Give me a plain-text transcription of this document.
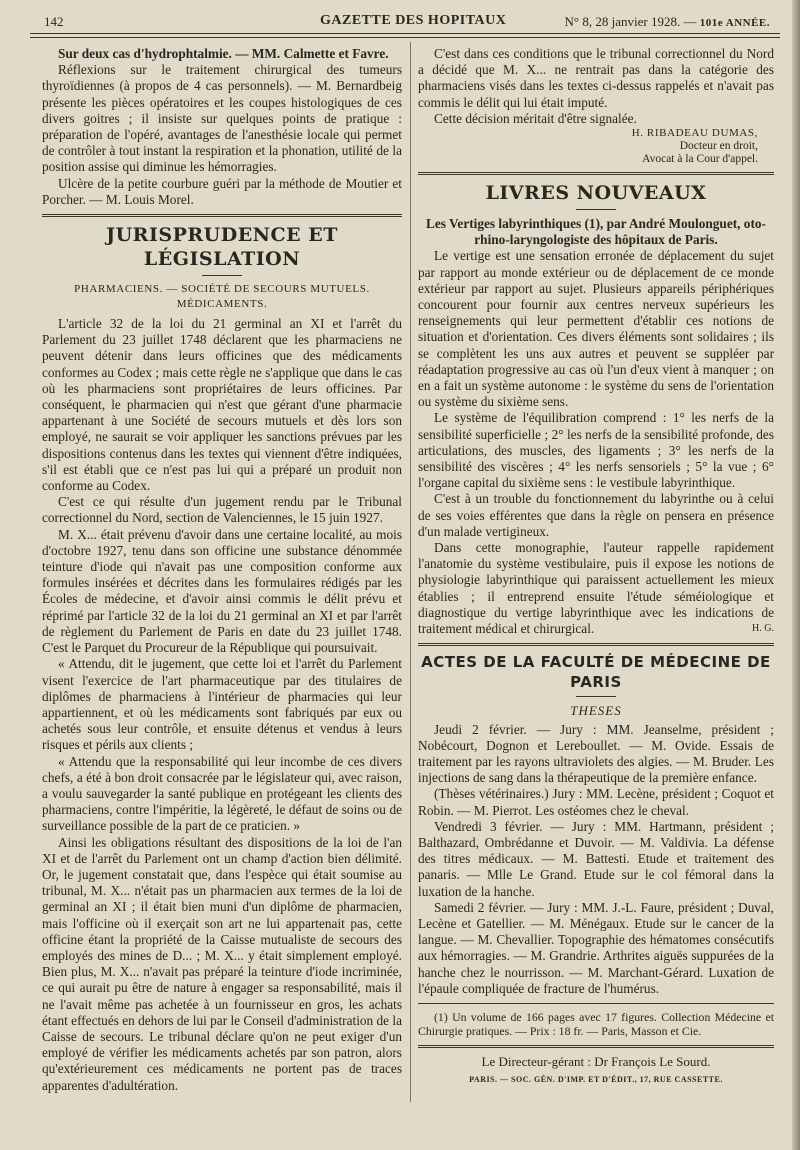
142	GAZETTE DES HOPITAUX	N° 8, 28 janvier 1928. — 101e ANNÉE.

Sur deux cas d'hydrophtalmie. — MM. Calmette et Favre.

Réflexions sur le traitement chirurgical des tumeurs thyroïdiennes (à propos de 4 cas personnels). — M. Bernardbeig présente les pièces opératoires et les coupes histologiques de ces divers goitres ; il insiste sur quelques points de pratique : préparation de l'opéré, avantages de l'anesthésie locale qui permet de contrôler à tout instant la respiration et la phonation, utilité de la position assise qui diminue les hémorragies.

Ulcère de la petite courbure guéri par la méthode de Moutier et Porcher. — M. Louis Morel.

JURISPRUDENCE ET LÉGISLATION
PHARMACIENS. — SOCIÉTÉ DE SECOURS MUTUELS. MÉDICAMENTS.

L'article 32 de la loi du 21 germinal an XI et l'arrêt du Parlement du 23 juillet 1748 déclarent que les pharmaciens ne peuvent détenir dans leurs officines que des médicaments conformes au Codex ; mais cette règle ne s'applique que dans le cas où les pharmaciens sont propriétaires de leurs officines. Par conséquent, le pharmacien qui n'est que gérant d'une pharmacie appartenant à une Société de secours mutuels et dès lors son employé, ne saurait se voir appliquer les sanctions prévues par les dispositions contenus dans les textes qui viennent d'être indiquées, s'il est établi que ce n'est pas lui qui a préparé un produit non conforme au Codex.

C'est ce qui résulte d'un jugement rendu par le Tribunal correctionnel du Nord, section de Valenciennes, le 15 juin 1927.

M. X... était prévenu d'avoir dans une certaine localité, au mois d'octobre 1927, tenu dans son officine une substance dénommée teinture d'iode qui n'avait pas une composition conforme aux formules insérées et décrites dans les formulaires rédigés par les Écoles de médecine, et d'avoir ainsi commis le délit prévu et réprimé par l'article 32 de la loi du 21 germinal an XI et par l'arrêt de règlement du Parlement de Paris en date du 23 juillet 1748. C'est le Parquet du Procureur de la République qui poursuivait.

« Attendu, dit le jugement, que cette loi et l'arrêt du Parlement visent l'exercice de l'art pharmaceutique par des titulaires de diplômes de pharmaciens à l'intérieur de pharmacies qui leur appartiennent, et où les médicaments sont fabriqués par eux ou achetés sous leur contrôle, et ensuite détenus et vendus à leurs risques et périls aux clients ;

« Attendu que la responsabilité qui leur incombe de ces divers chefs, a été à bon droit consacrée par le législateur qui, avec raison, a voulu sauvegarder la santé publique en protégeant les clients des pharmaciens, contre l'impéritie, la légèreté, le défaut de soins ou de surveillance possible de la part de ce praticien. »

Ainsi les obligations résultant des dispositions de la loi de l'an XI et de l'arrêt du Parlement ont un champ d'action bien délimité. Or, le jugement constatait que, dans l'espèce qui était soumise au tribunal, M. X... n'était pas un pharmacien aux termes de la loi de germinal an XI ; il était bien muni d'un diplôme de pharmacien, mais l'officine où il exerçait son art ne lui appartenait pas, cette officine étant la propriété de la Caisse mutualiste de secours des employés des mines de D... ; M. X... y était simplement employé. Bien plus, M. X... n'avait pas préparé la teinture d'iode incriminée, ce qui aurait pu être de nature à engager sa responsabilité, mais il ne l'avait même pas achetée à un fournisseur en gros, les achats étant effectués en dehors de lui par le Conseil d'administration de la Caisse de secours. Le tribunal déclare qu'on ne peut exiger d'un employé de vérifier les médicaments achetés par son patron, alors qu'extérieurement ces médicaments ne portent pas de traces apparentes d'adultération.

C'est dans ces conditions que le tribunal correctionnel du Nord a décidé que M. X... ne rentrait pas dans la catégorie des pharmaciens visés dans les textes ci-dessus rappelés et n'avait pas commis le délit qui lui était imputé.

Cette décision méritait d'être signalée.

H. RIBADEAU DUMAS,
Docteur en droit,
Avocat à la Cour d'appel.
LIVRES NOUVEAUX

Les Vertiges labyrinthiques (1), par André Moulonguet, oto-rhino-laryngologiste des hôpitaux de Paris.

Le vertige est une sensation erronée de déplacement du sujet par rapport au monde extérieur ou de déplacement de ce monde extérieur par rapport au sujet. Plusieurs appareils périphériques concourent pour fournir aux centres nerveux supérieurs les renseignements qui leur permettent d'établir ces notions de situation et d'orientation. Ces divers éléments sont solidaires ; ils se complètent les uns aux autres et peuvent se suppléer par réadaptation progressive au cas où l'un d'eux vient à manquer ; on en a fait un système autonome : le système du sens de l'orientation ou système du sixième sens.

Le système de l'équilibration comprend : 1° les nerfs de la sensibilité superficielle ; 2° les nerfs de la sensibilité profonde, des articulations, des muscles, des ligaments ; 3° les nerfs de la sensibilité des viscères ; 4° les nerfs sensoriels ; 5° la vue ; 6° l'organe capital du sixième sens : le vestibule labyrinthique.

C'est à un trouble du fonctionnement du labyrinthe ou à celui de ses voies efférentes que dans la règle on pensera en présence d'un malade vertigineux.

Dans cette monographie, l'auteur rappelle rapidement l'anatomie du système vestibulaire, puis il expose les notions de physiologie labyrinthique qui paraissent actuellement les mieux établies ; il entreprend ensuite l'étude séméiologique et diagnostique du vertige labyrinthique avec les indications de traitement médical et chirurgical.	H. G.

ACTES DE LA FACULTÉ DE MÉDECINE DE PARIS
THESES

Jeudi 2 février. — Jury : MM. Jeanselme, président ; Nobécourt, Dognon et Lereboullet. — M. Ovide. Essais de traitement par les rayons ultraviolets des algies. — M. Bruder. Les injections de sang dans la thérapeutique de la première enfance.

(Thèses vétérinaires.) Jury : MM. Lecène, président ; Coquot et Robin. — M. Pierrot. Les ostéomes chez le cheval.

Vendredi 3 février. — Jury : MM. Hartmann, président ; Balthazard, Ombrédanne et Duvoir. — M. Valdivia. La défense des titres médicaux. — M. Battesti. Etude et traitement des panaris. — Mlle Le Grand. Etude sur le col fémoral dans la luxation de la hanche.

Samedi 2 février. — Jury : MM. J.-L. Faure, président ; Duval, Lecène et Gatellier. — M. Ménégaux. Etude sur le cancer de la langue. — M. Chevallier. Topographie des hématomes consécutifs aux hémorragies. — M. Grandrie. Arthrites aiguës suppurées de la hanche chez le nourrisson. — M. Marchant-Gérard. Luxation de l'épaule compliquée de fracture de l'humérus.

(1) Un volume de 166 pages avec 17 figures. Collection Médecine et Chirurgie pratiques. — Prix : 18 fr. — Paris, Masson et Cie.

Le Directeur-gérant : Dr François Le Sourd.
PARIS. — SOC. GÉN. D'IMP. ET D'ÉDIT., 17, RUE CASSETTE.
